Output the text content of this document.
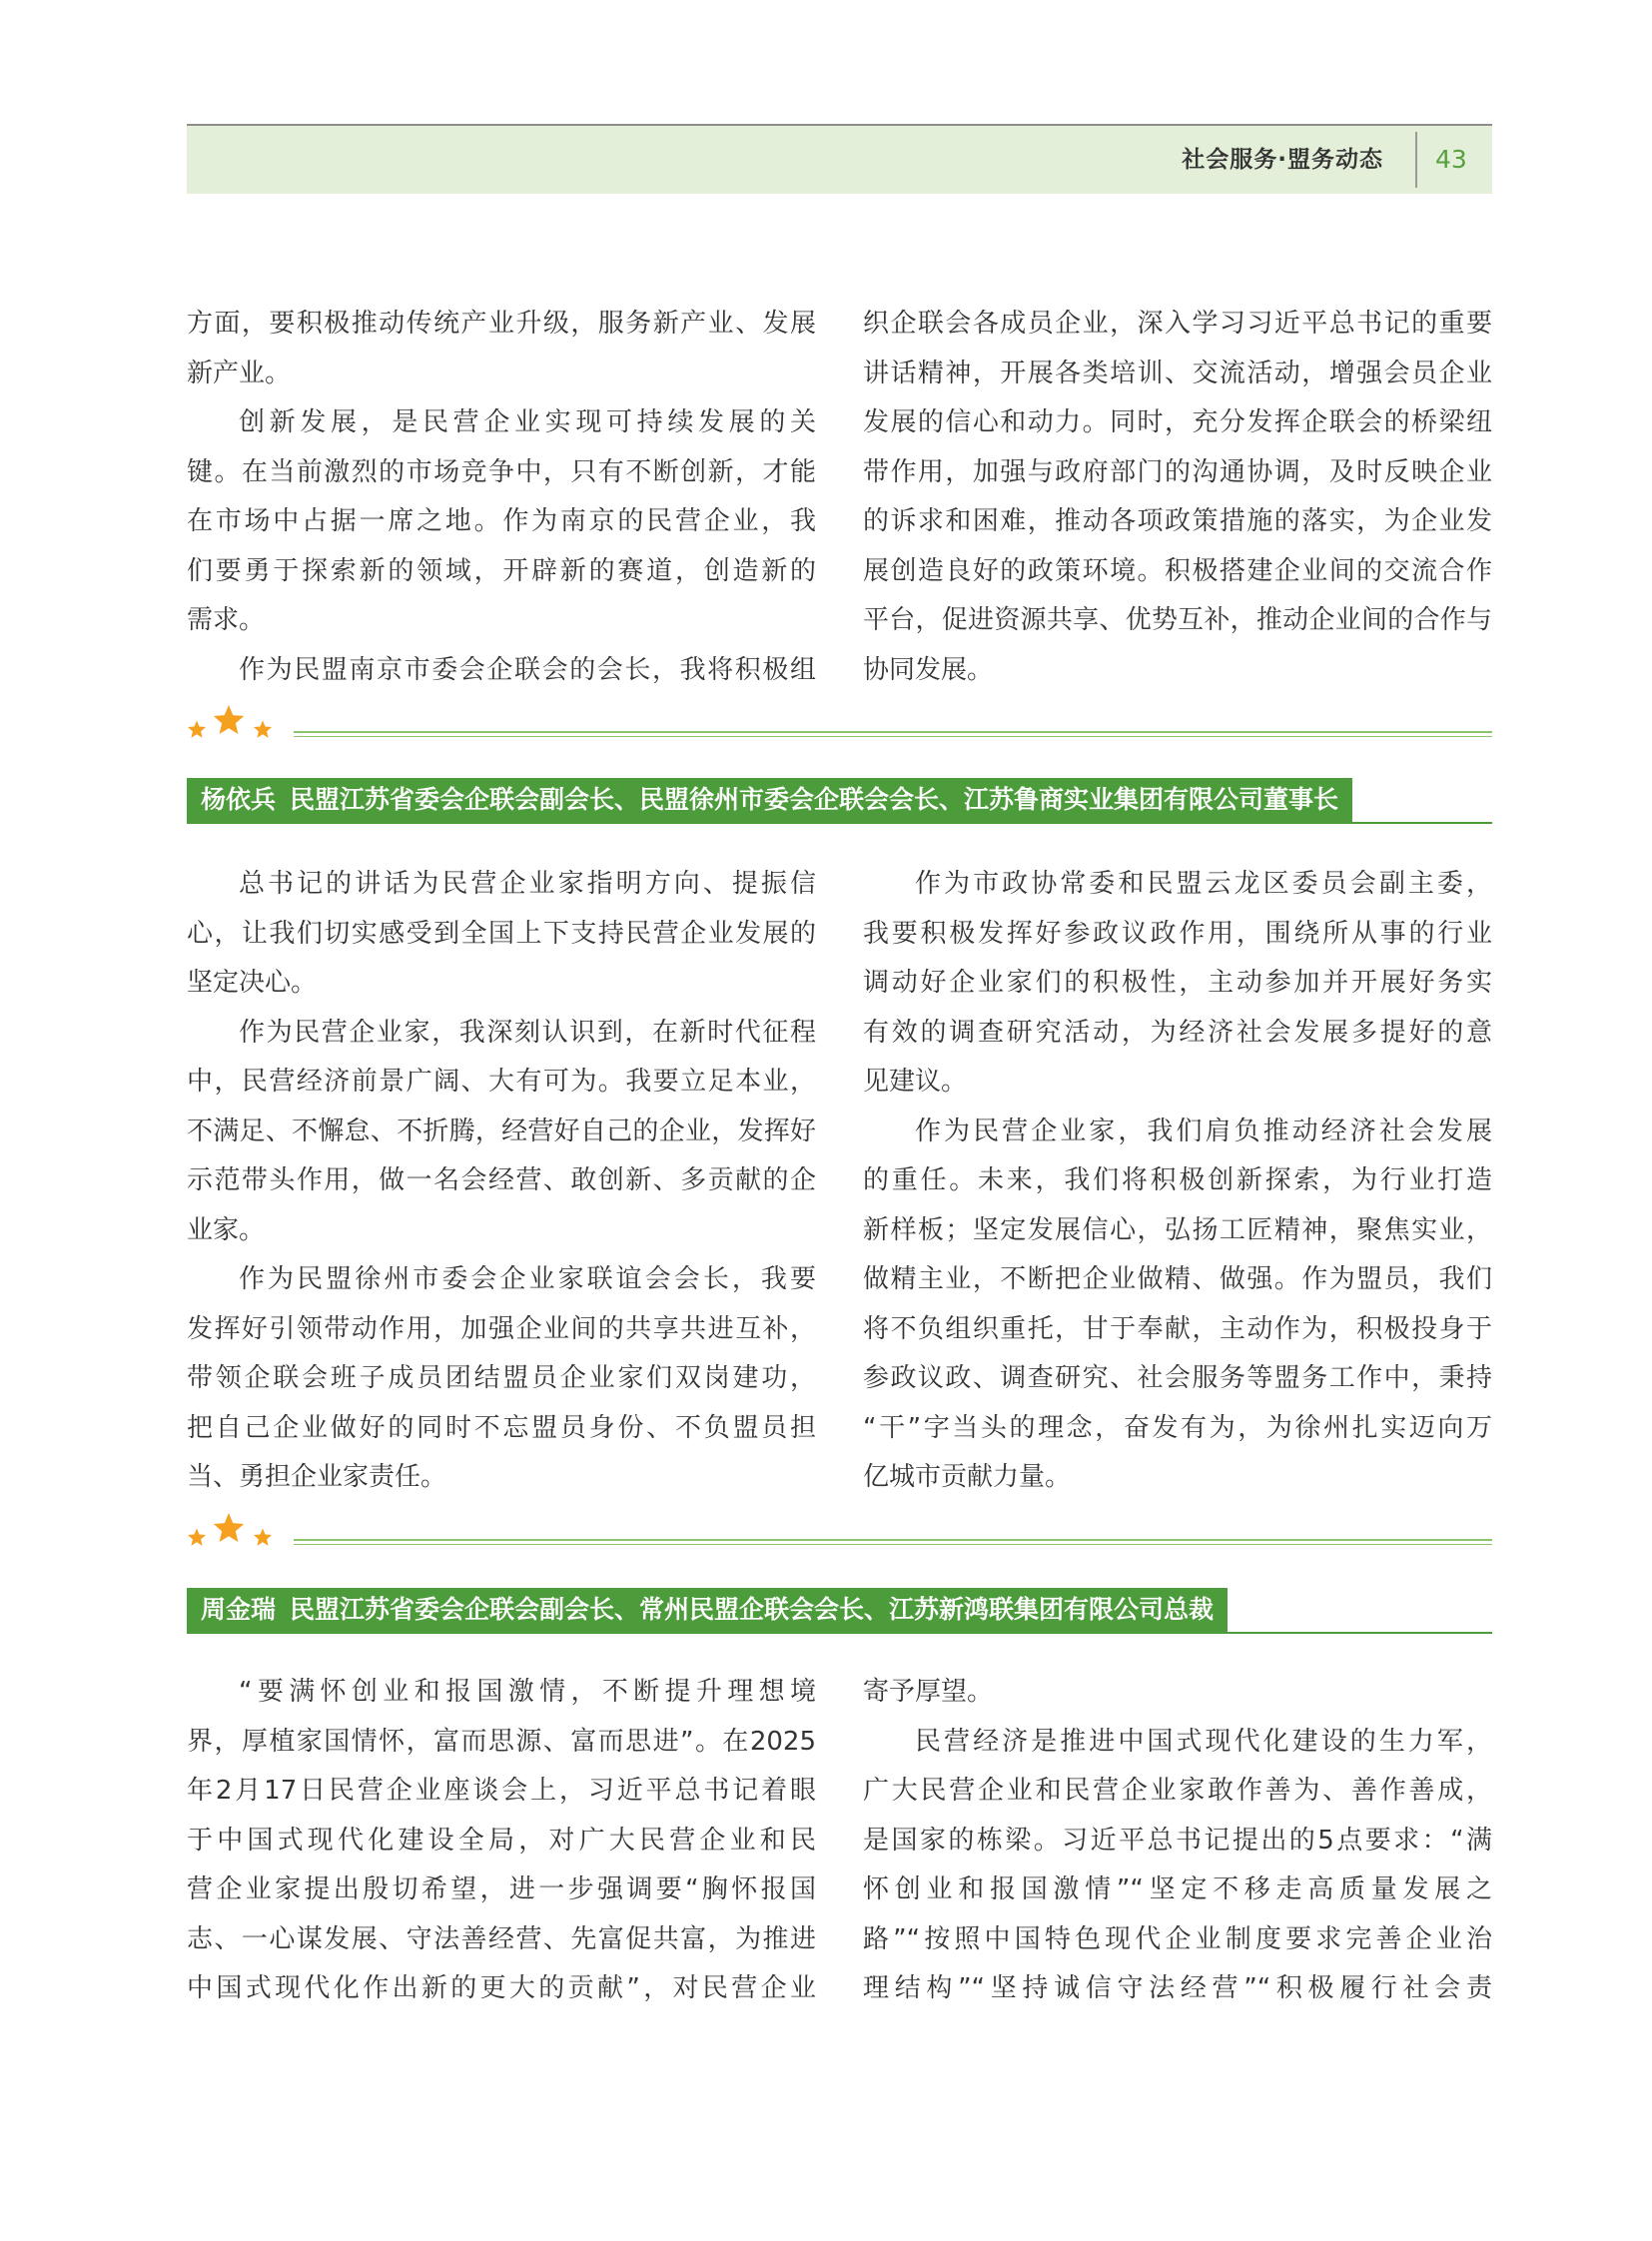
社会服务·盟务动态 43
方面，要积极推动传统产业升级，服务新产业、发展
新产业。
创新发展，是民营企业实现可持续发展的关
键。在当前激烈的市场竞争中，只有不断创新，才能
在市场中占据一席之地。作为南京的民营企业，我
们要勇于探索新的领域，开辟新的赛道，创造新的
需求。
作为民盟南京市委会企联会的会长，我将积极组
织企联会各成员企业，深入学习习近平总书记的重要
讲话精神，开展各类培训、交流活动，增强会员企业
发展的信心和动力。同时，充分发挥企联会的桥梁纽
带作用，加强与政府部门的沟通协调，及时反映企业
的诉求和困难，推动各项政策措施的落实，为企业发
展创造良好的政策环境。积极搭建企业间的交流合作
平台，促进资源共享、优势互补，推动企业间的合作与
协同发展。
杨依兵 民盟江苏省委会企联会副会长、民盟徐州市委会企联会会长、江苏鲁商实业集团有限公司董事长
总书记的讲话为民营企业家指明方向、提振信
心，让我们切实感受到全国上下支持民营企业发展的
坚定决心。
作为民营企业家，我深刻认识到，在新时代征程
中，民营经济前景广阔、大有可为。我要立足本业，
不满足、不懈怠、不折腾，经营好自己的企业，发挥好
示范带头作用，做一名会经营、敢创新、多贡献的企
业家。
作为民盟徐州市委会企业家联谊会会长，我要
发挥好引领带动作用，加强企业间的共享共进互补，
带领企联会班子成员团结盟员企业家们双岗建功，
把自己企业做好的同时不忘盟员身份、不负盟员担
当、勇担企业家责任。
作为市政协常委和民盟云龙区委员会副主委，
我要积极发挥好参政议政作用，围绕所从事的行业
调动好企业家们的积极性，主动参加并开展好务实
有效的调查研究活动，为经济社会发展多提好的意
见建议。
作为民营企业家，我们肩负推动经济社会发展
的重任。未来，我们将积极创新探索，为行业打造
新样板；坚定发展信心，弘扬工匠精神，聚焦实业，
做精主业，不断把企业做精、做强。作为盟员，我们
将不负组织重托，甘于奉献，主动作为，积极投身于
参政议政、调查研究、社会服务等盟务工作中，秉持
“干”字当头的理念，奋发有为，为徐州扎实迈向万
亿城市贡献力量。
周金瑞 民盟江苏省委会企联会副会长、常州民盟企联会会长、江苏新鸿联集团有限公司总裁
“要满怀创业和报国激情，不断提升理想境
界，厚植家国情怀，富而思源、富而思进”。在2025
年2月17日民营企业座谈会上，习近平总书记着眼
于中国式现代化建设全局，对广大民营企业和民
营企业家提出殷切希望，进一步强调要“胸怀报国
志、一心谋发展、守法善经营、先富促共富，为推进
中国式现代化作出新的更大的贡献”，对民营企业
寄予厚望。
民营经济是推进中国式现代化建设的生力军，
广大民营企业和民营企业家敢作善为、善作善成，
是国家的栋梁。习近平总书记提出的5点要求：“满
怀创业和报国激情”“坚定不移走高质量发展之
路”“按照中国特色现代企业制度要求完善企业治
理结构”“坚持诚信守法经营”“积极履行社会责
